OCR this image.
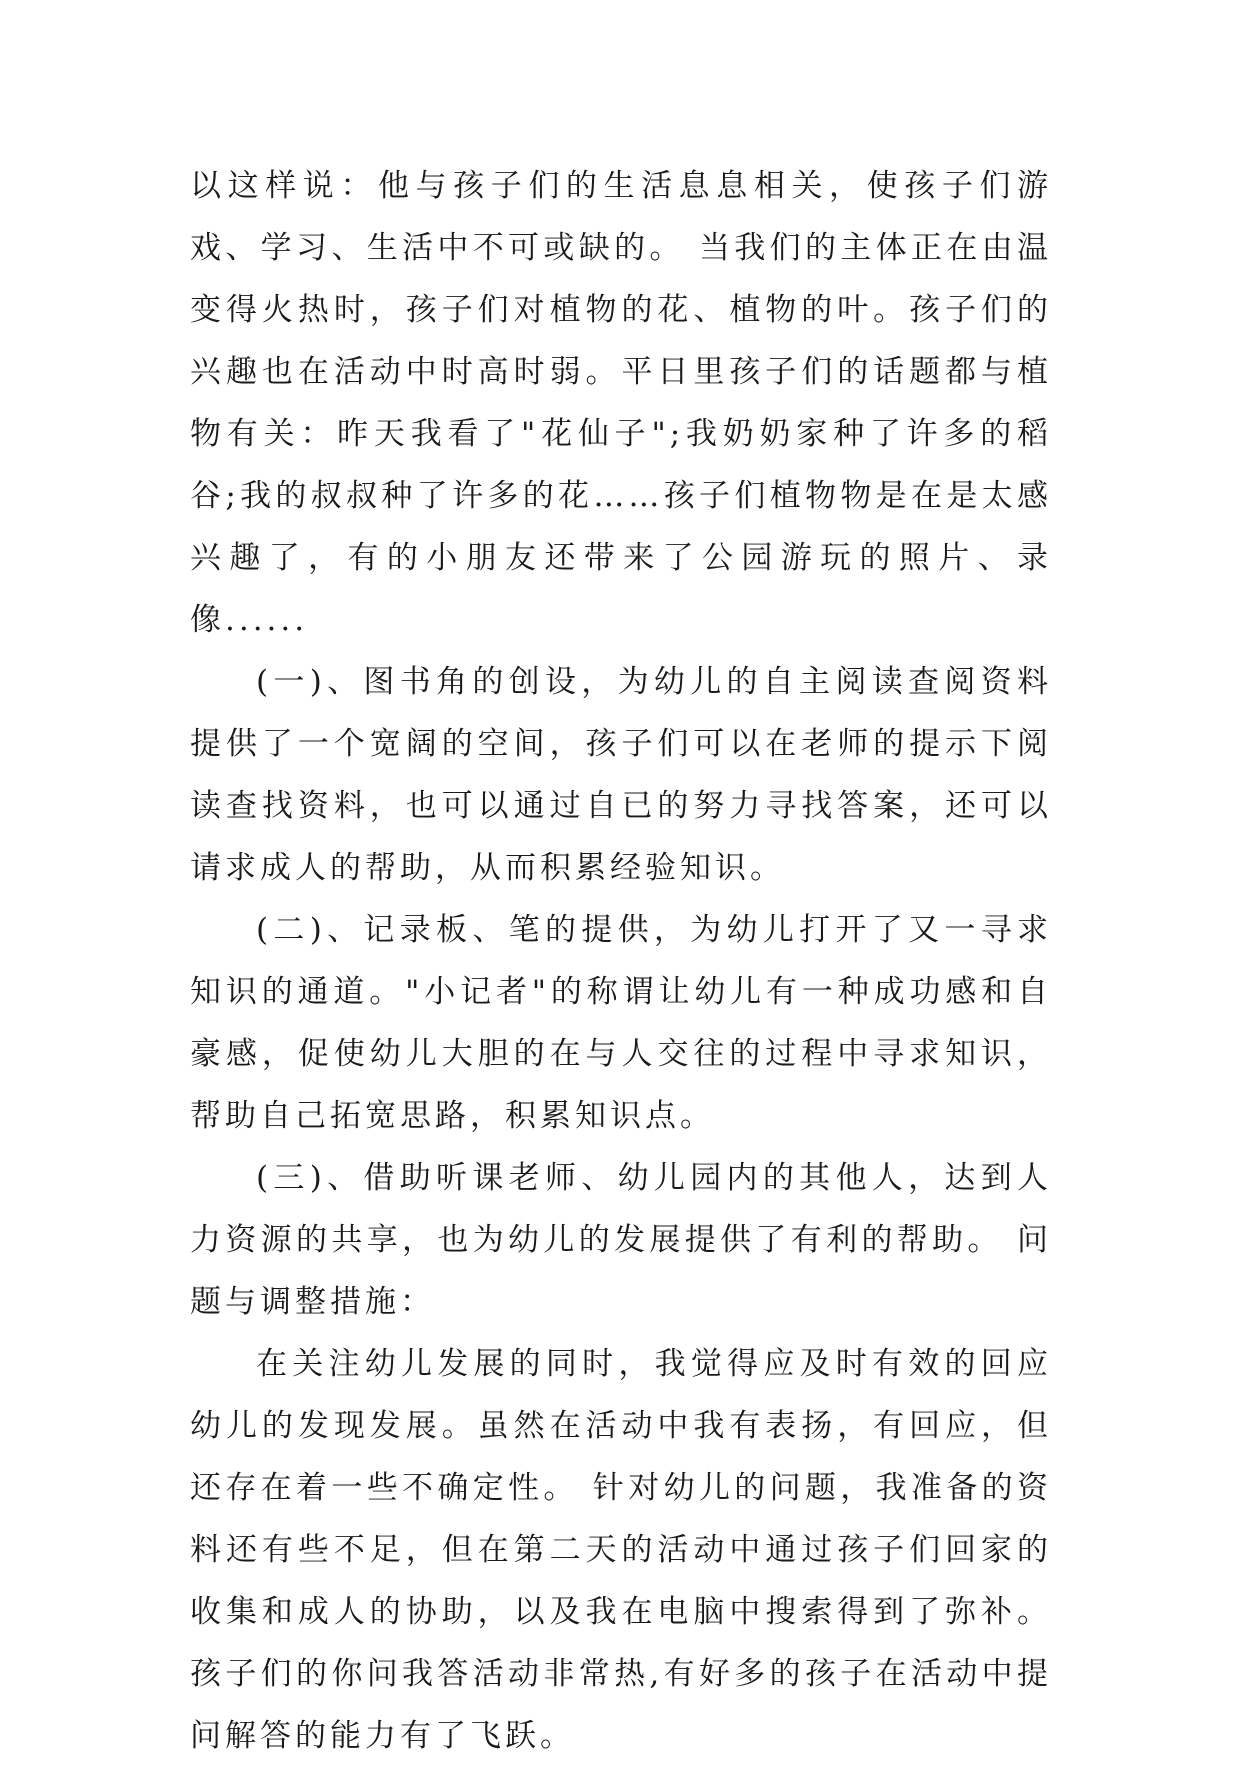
以这样说：他与孩子们的生活息息相关，使孩子们游戏、学习、生活中不可或缺的。 当我们的主体正在由温变得火热时，孩子们对植物的花、植物的叶。孩子们的兴趣也在活动中时高时弱。平日里孩子们的话题都与植物有关：昨天我看了"花仙子";我奶奶家种了许多的稻谷;我的叔叔种了许多的花……孩子们植物物是在是太感兴趣了，有的小朋友还带来了公园游玩的照片、录像......

(一)、图书角的创设，为幼儿的自主阅读查阅资料提供了一个宽阔的空间，孩子们可以在老师的提示下阅读查找资料，也可以通过自已的努力寻找答案，还可以请求成人的帮助，从而积累经验知识。

(二)、记录板、笔的提供，为幼儿打开了又一寻求知识的通道。"小记者"的称谓让幼儿有一种成功感和自豪感，促使幼儿大胆的在与人交往的过程中寻求知识，帮助自己拓宽思路，积累知识点。

(三)、借助听课老师、幼儿园内的其他人，达到人力资源的共享，也为幼儿的发展提供了有利的帮助。 问题与调整措施：

在关注幼儿发展的同时，我觉得应及时有效的回应幼儿的发现发展。虽然在活动中我有表扬，有回应，但还存在着一些不确定性。 针对幼儿的问题，我准备的资料还有些不足，但在第二天的活动中通过孩子们回家的收集和成人的协助，以及我在电脑中搜索得到了弥补。孩子们的你问我答活动非常热,有好多的孩子在活动中提问解答的能力有了飞跃。
